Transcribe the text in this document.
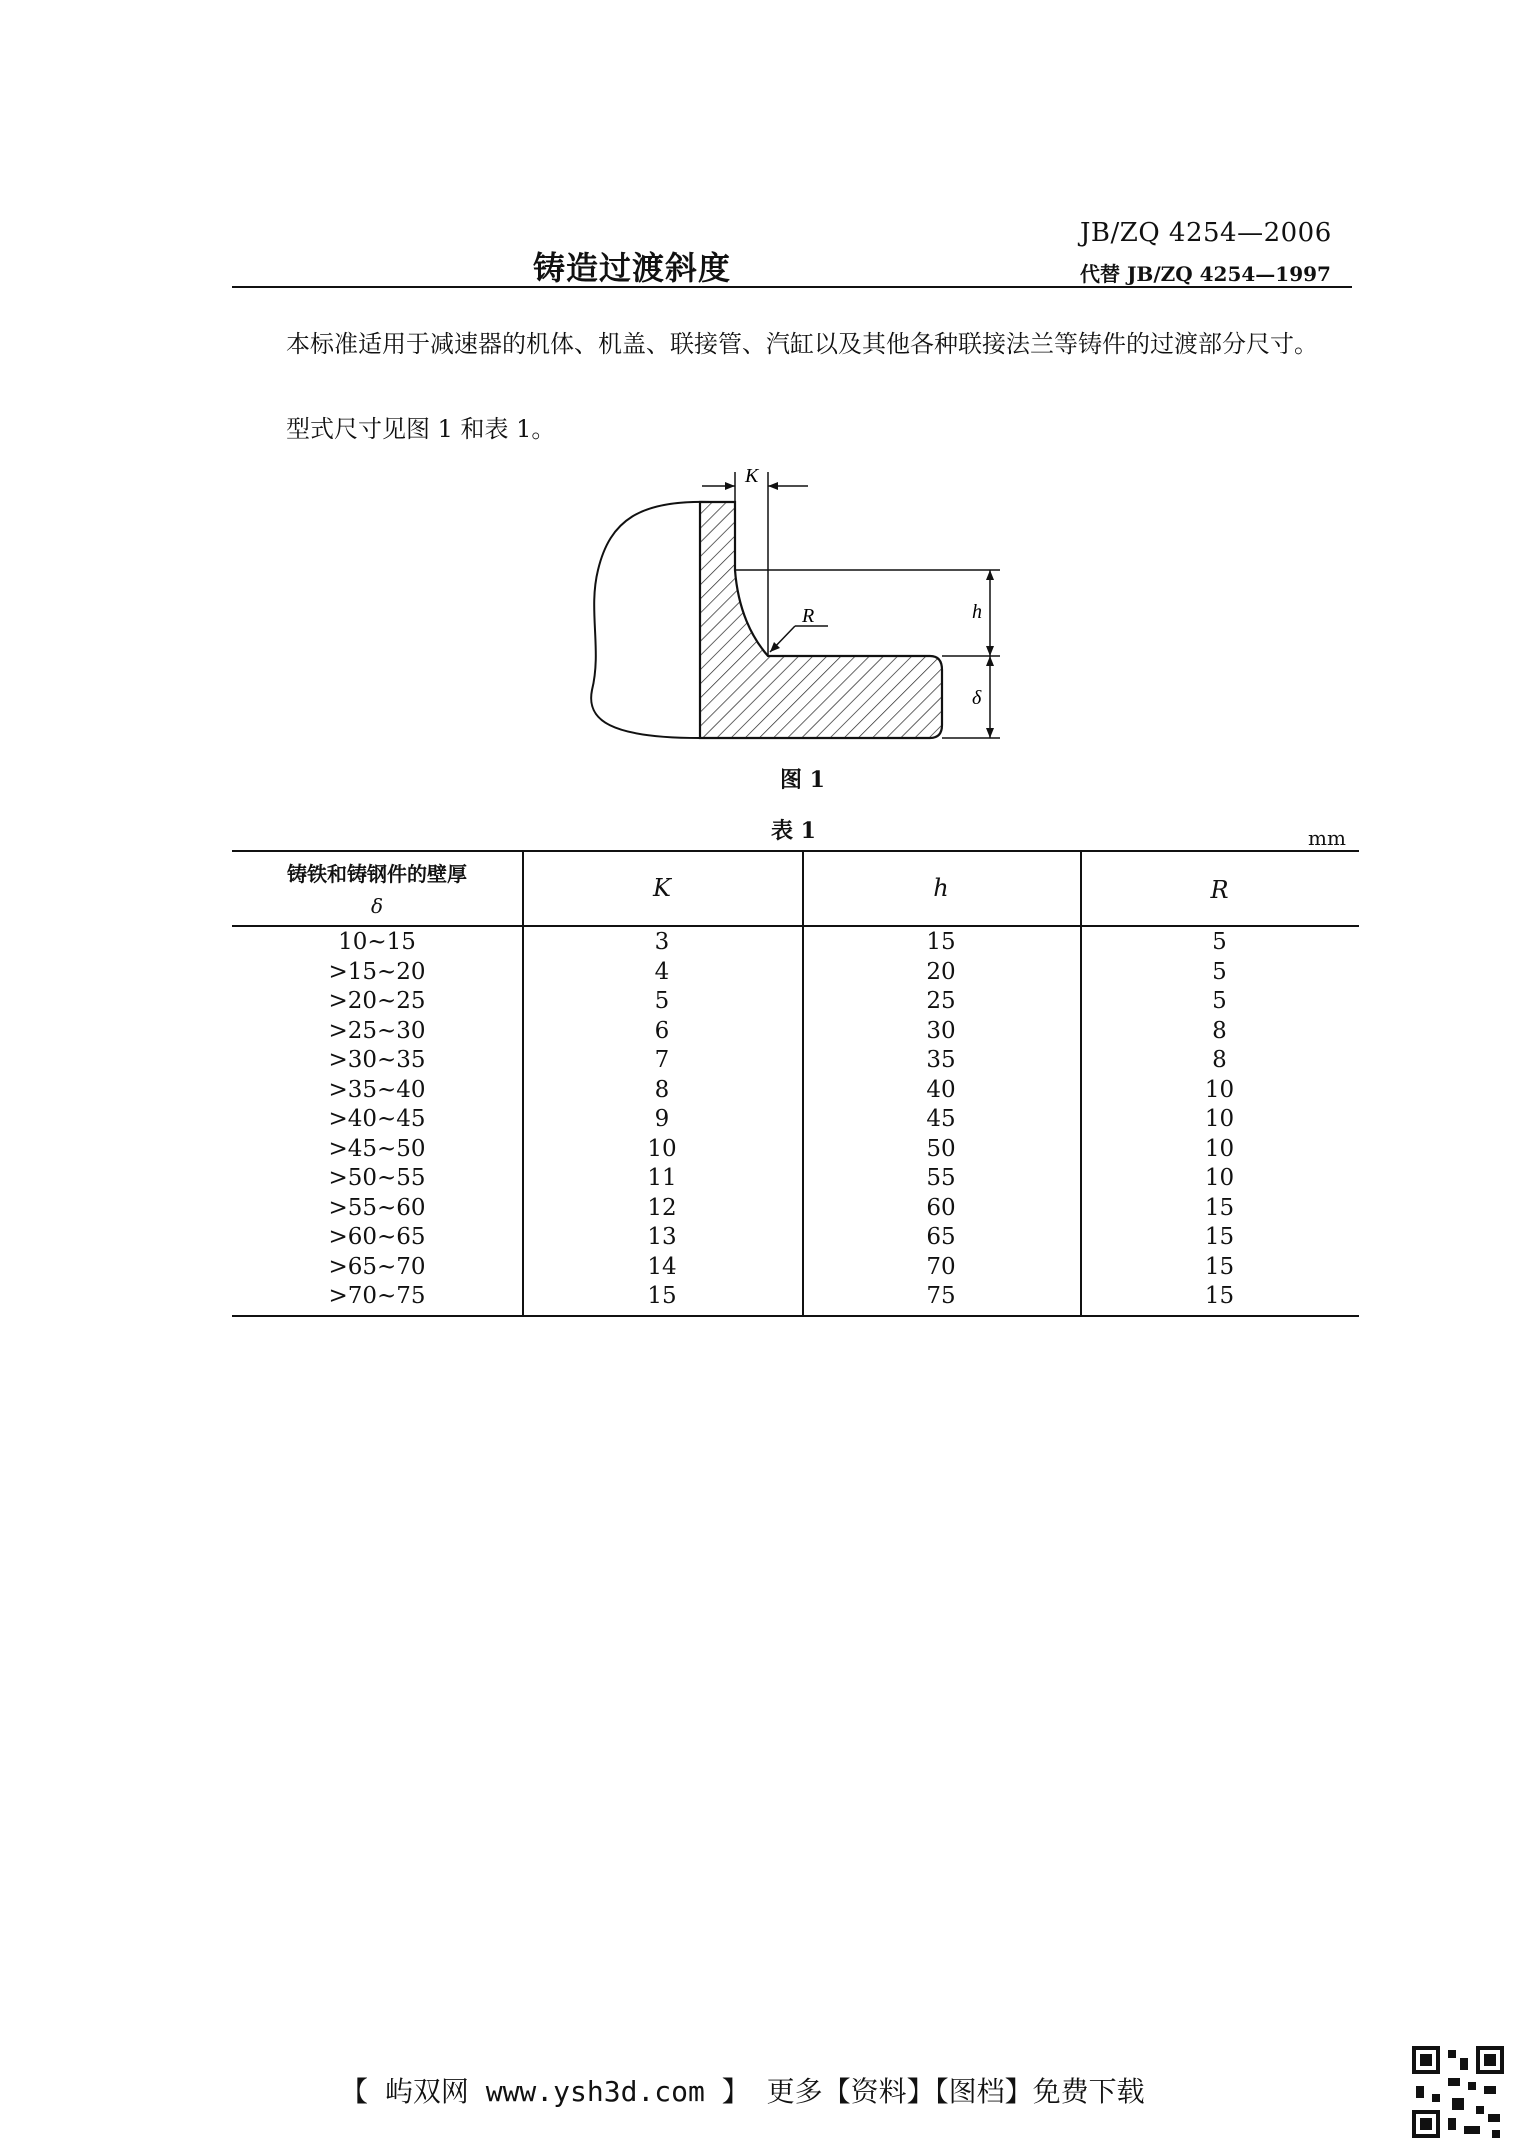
JB/ZQ 4254—2006
铸造过渡斜度	代替 JB/ZQ 4254—1997
本标准适用于减速器的机体、机盖、联接管、汽缸以及其他各种联接法兰等铸件的过渡部分尺寸。
型式尺寸见图 1 和表 1。
K
h
δ
R
图 1
表 1	mm
铸铁和铸钢件的壁厚
δ
K	h	R
10~15	3	15	5
>15~20	4	20	5
>20~25	5	25	5
>25~30	6	30	8
>30~35	7	35	8
>35~40	8	40	10
>40~45	9	45	10
>45~50	10	50	10
>50~55	11	55	10
>55~60	12	60	15
>60~65	13	65	15
>65~70	14	70	15
>70~75	15	75	15
【 屿双网 www.ysh3d.com 】 更多【资料】【图档】免费下载
